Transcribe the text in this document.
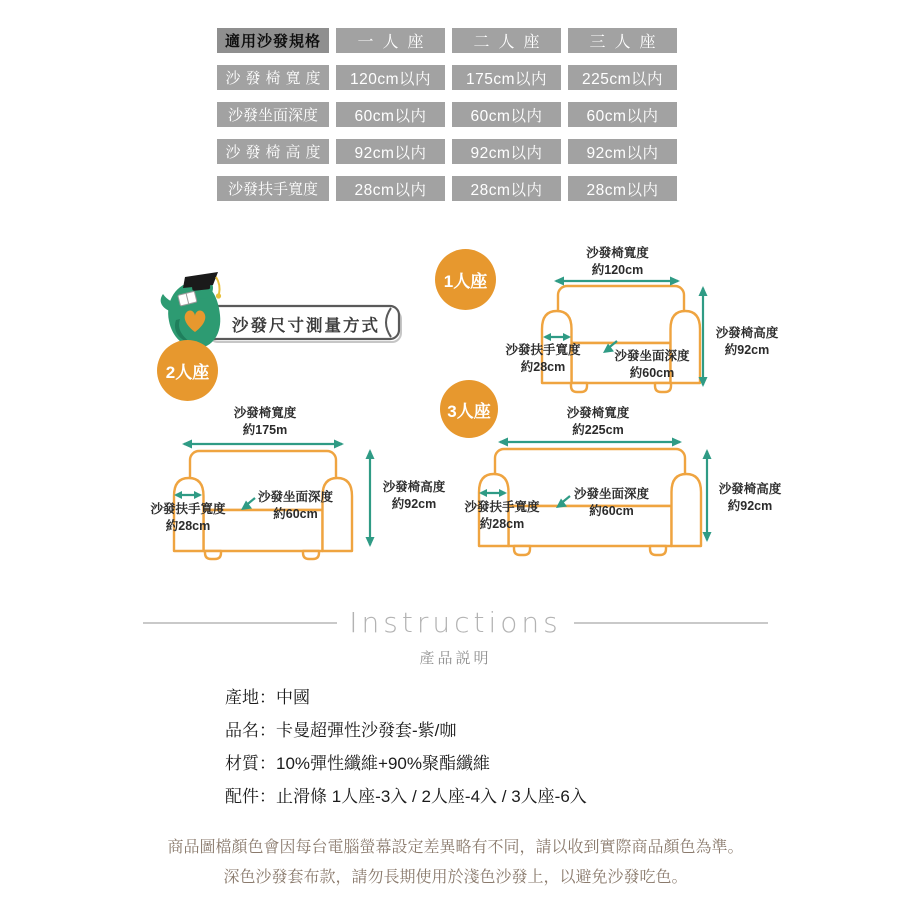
適用沙發規格	一人座	二人座	三人座
沙發椅寬度	120cm以内	175cm以内	225cm以内
沙發坐面深度	60cm以内	60cm以内	60cm以内
沙發椅高度	92cm以内	92cm以内	92cm以内
沙發扶手寬度	28cm以内	28cm以内	28cm以内
沙發尺寸測量方式
1人座
2人座
3人座
沙發椅寬度
約120cm
沙發椅高度
約92cm
沙發扶手寬度
約28cm
沙發坐面深度
約60cm
沙發椅寬度
約175m
沙發椅高度
約92cm
沙發扶手寬度
約28cm
沙發坐面深度
約60cm
沙發椅寬度
約225cm
沙發椅高度
約92cm
沙發扶手寬度
約28cm
沙發坐面深度
約60cm
Instructions
產品説明
產地：中國
品名：卡曼超彈性沙發套-紫/咖
材質：10%彈性纖維+90%聚酯纖維
配件：止滑條 1人座-3入 / 2人座-4入 / 3人座-6入
商品圖檔顏色會因每台電腦螢幕設定差異略有不同，請以收到實際商品顏色為準。
深色沙發套布款，請勿長期使用於淺色沙發上，以避免沙發吃色。
